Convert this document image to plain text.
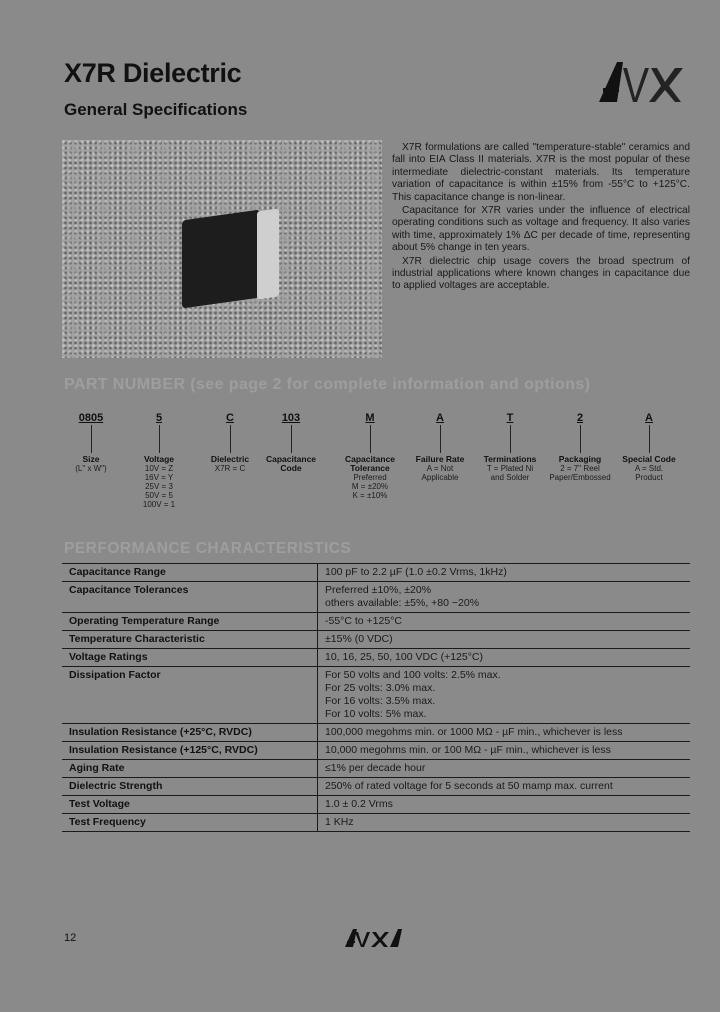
X7R Dielectric
General Specifications

X7R formulations are called "temperature-stable" ceramics and fall into EIA Class II materials. X7R is the most popular of these intermediate dielectric-constant materials. Its temperature variation of capacitance is within ±15% from -55°C to +125°C. This capacitance change is non-linear.

Capacitance for X7R varies under the influence of electrical operating conditions such as voltage and frequency. It also varies with time, approximately 1% ΔC per decade of time, representing about 5% change in ten years.

X7R dielectric chip usage covers the broad spectrum of industrial applications where known changes in capacitance due to applied voltages are acceptable.

PART NUMBER (see page 2 for complete information and options)
0805
Size
(L" x W")
5
Voltage
10V = Z
16V = Y
25V = 3
50V = 5
100V = 1
C
Dielectric
X7R = C
103
Capacitance Code
M
Capacitance Tolerance
Preferred
M = ±20%
K = ±10%
A
Failure Rate
A = Not
Applicable
T
Terminations
T = Plated Ni
and Solder
2
Packaging
2 = 7" Reel
Paper/Embossed
A
Special Code
A = Std.
Product
PERFORMANCE CHARACTERISTICS
Capacitance Range	100 pF to 2.2 µF (1.0 ±0.2 Vrms, 1kHz)

Capacitance Tolerances	Preferred ±10%, ±20%
others available: ±5%, +80 −20%

Operating Temperature Range	-55°C to +125°C

Temperature Characteristic	±15% (0 VDC)

Voltage Ratings	10, 16, 25, 50, 100 VDC (+125°C)

Dissipation Factor	For 50 volts and 100 volts: 2.5% max.
For 25 volts: 3.0% max.
For 16 volts: 3.5% max.
For 10 volts: 5% max.

Insulation Resistance (+25°C, RVDC)	100,000 megohms min. or 1000 MΩ - µF min., whichever is less

Insulation Resistance (+125°C, RVDC)	10,000 megohms min. or 100 MΩ - µF min., whichever is less

Aging Rate	≤1% per decade hour

Dielectric Strength	250% of rated voltage for 5 seconds at 50 mamp max. current

Test Voltage	1.0 ± 0.2 Vrms

Test Frequency	1 KHz
12
